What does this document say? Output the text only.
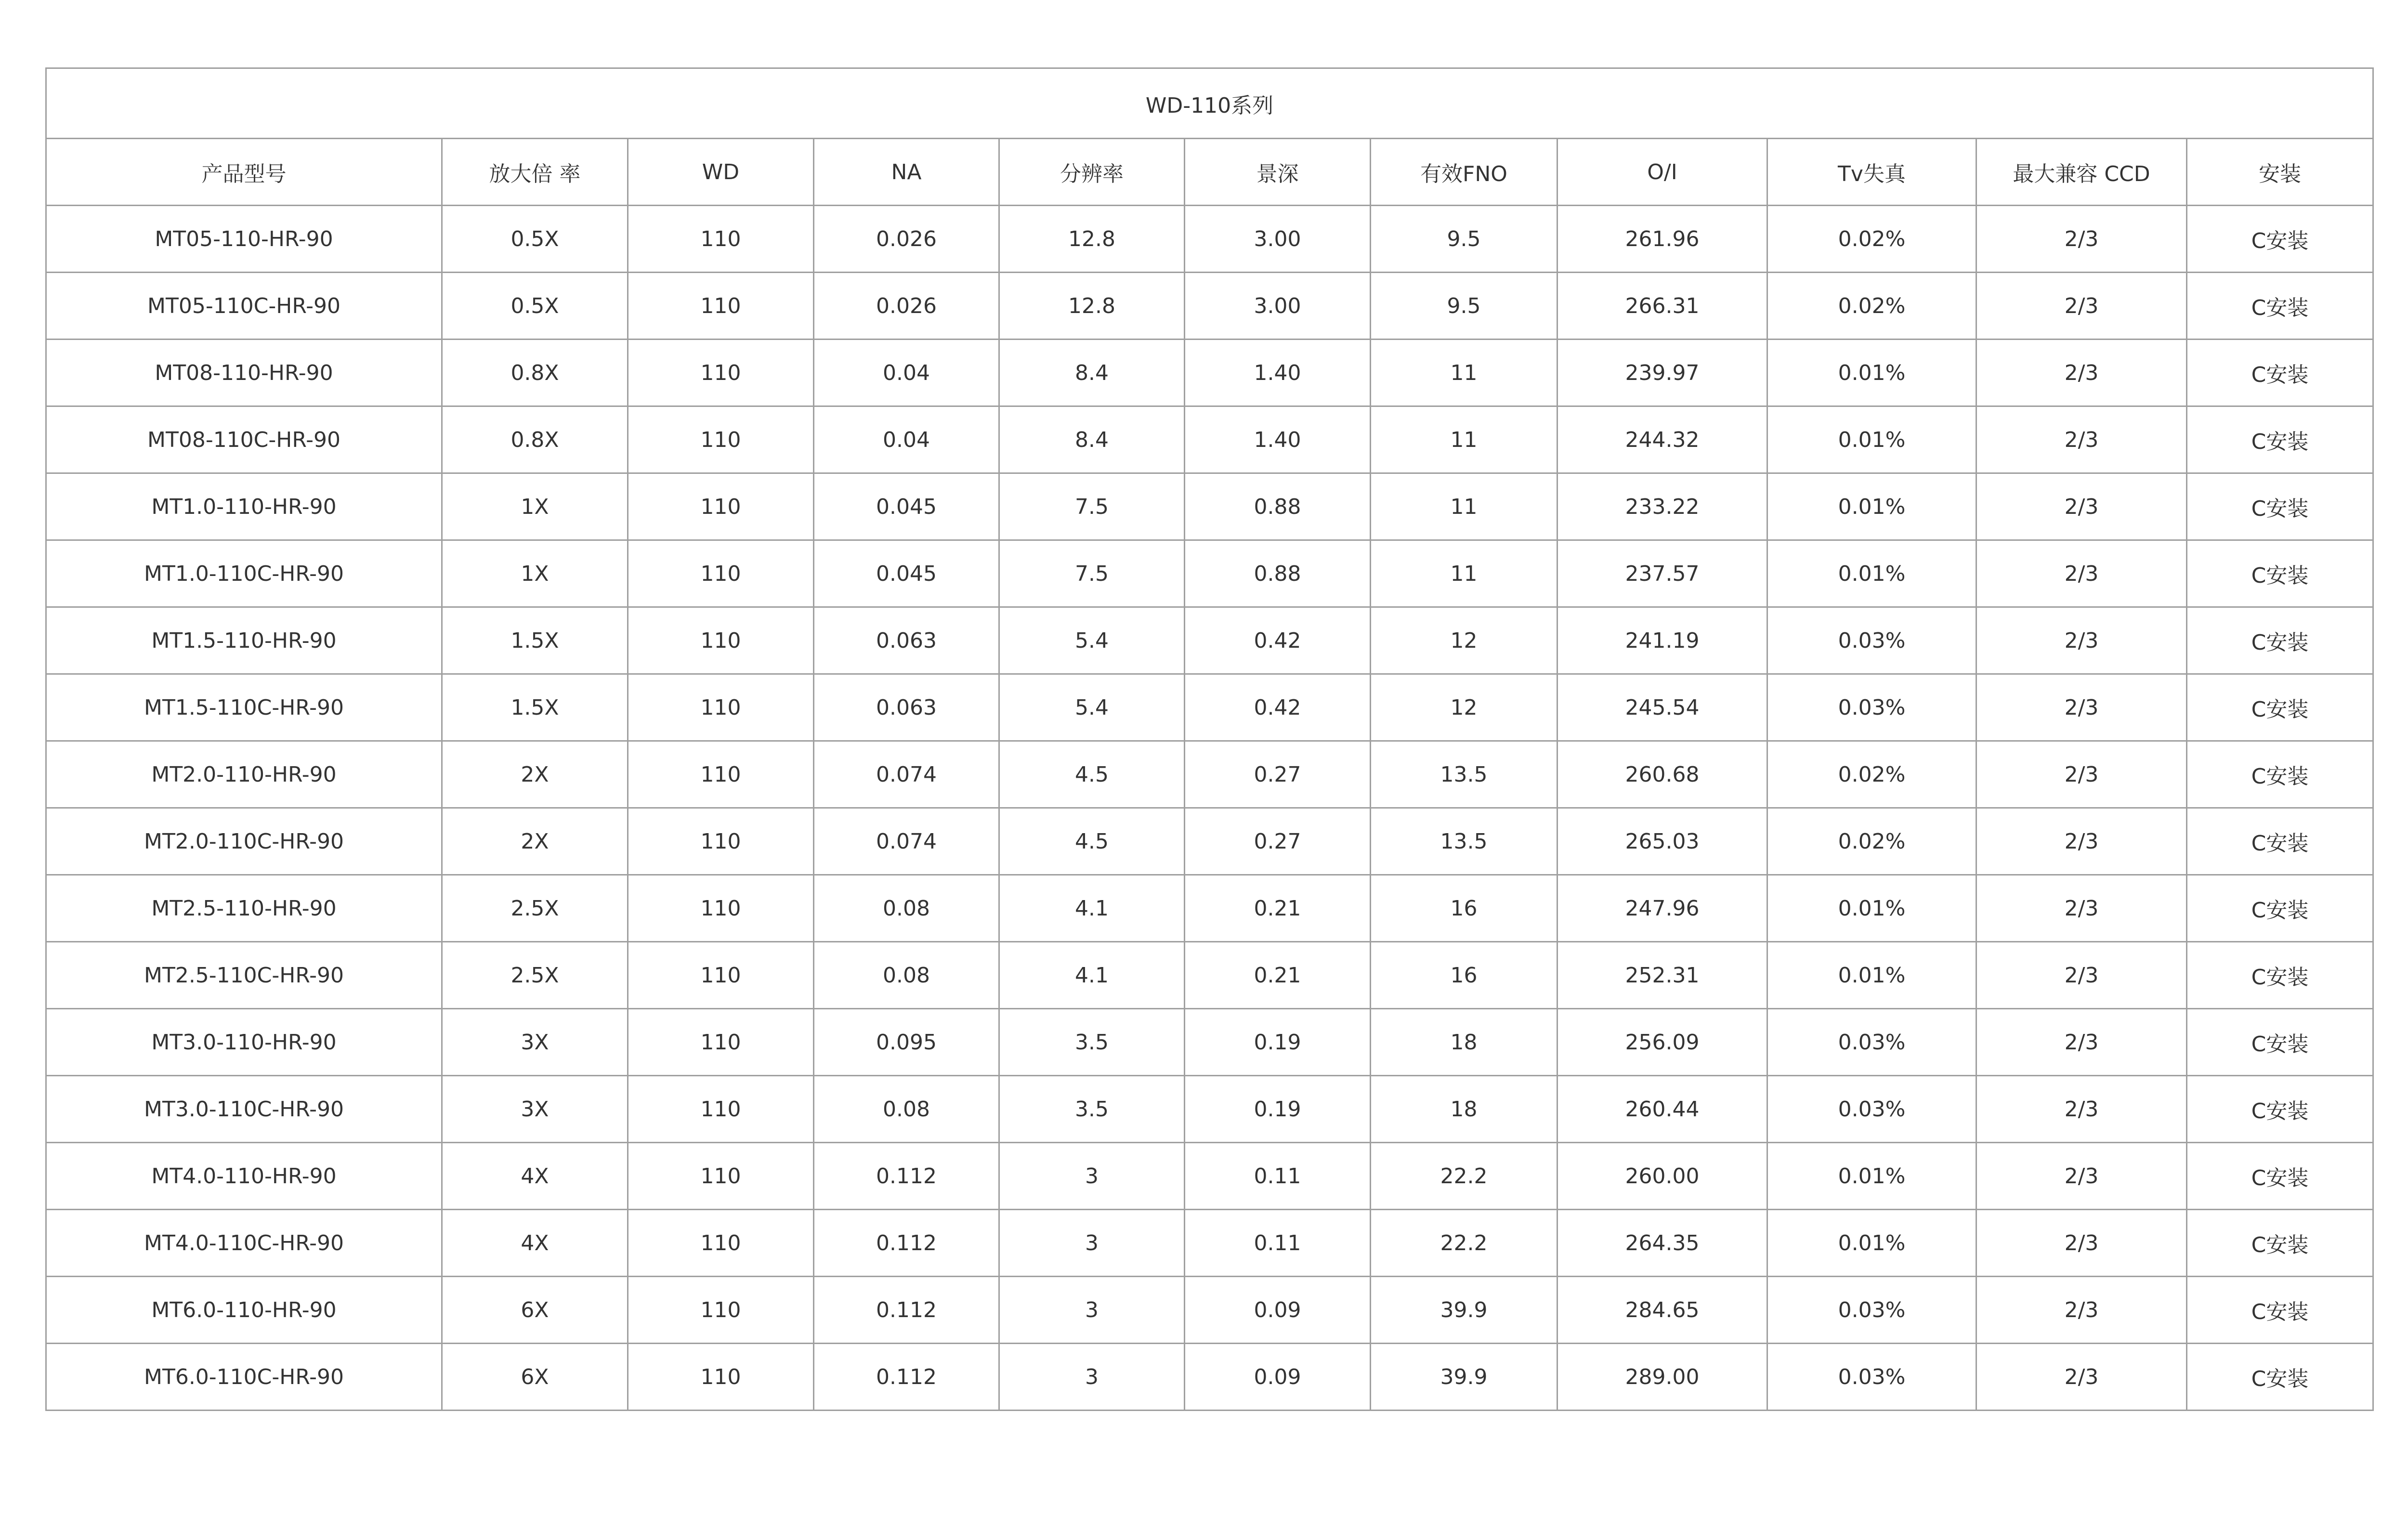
WD-110系列										
产品型号	放大倍 率	WD	NA	分辨率	景深	有效FNO	O/I	Tv失真	最大兼容 CCD	安装
MT05-110-HR-90	0.5X	110	0.026	12.8	3.00	9.5	261.96	0.02%	2/3	C安装
MT05-110C-HR-90	0.5X	110	0.026	12.8	3.00	9.5	266.31	0.02%	2/3	C安装
MT08-110-HR-90	0.8X	110	0.04	8.4	1.40	11	239.97	0.01%	2/3	C安装
MT08-110C-HR-90	0.8X	110	0.04	8.4	1.40	11	244.32	0.01%	2/3	C安装
MT1.0-110-HR-90	1X	110	0.045	7.5	0.88	11	233.22	0.01%	2/3	C安装
MT1.0-110C-HR-90	1X	110	0.045	7.5	0.88	11	237.57	0.01%	2/3	C安装
MT1.5-110-HR-90	1.5X	110	0.063	5.4	0.42	12	241.19	0.03%	2/3	C安装
MT1.5-110C-HR-90	1.5X	110	0.063	5.4	0.42	12	245.54	0.03%	2/3	C安装
MT2.0-110-HR-90	2X	110	0.074	4.5	0.27	13.5	260.68	0.02%	2/3	C安装
MT2.0-110C-HR-90	2X	110	0.074	4.5	0.27	13.5	265.03	0.02%	2/3	C安装
MT2.5-110-HR-90	2.5X	110	0.08	4.1	0.21	16	247.96	0.01%	2/3	C安装
MT2.5-110C-HR-90	2.5X	110	0.08	4.1	0.21	16	252.31	0.01%	2/3	C安装
MT3.0-110-HR-90	3X	110	0.095	3.5	0.19	18	256.09	0.03%	2/3	C安装
MT3.0-110C-HR-90	3X	110	0.08	3.5	0.19	18	260.44	0.03%	2/3	C安装
MT4.0-110-HR-90	4X	110	0.112	3	0.11	22.2	260.00	0.01%	2/3	C安装
MT4.0-110C-HR-90	4X	110	0.112	3	0.11	22.2	264.35	0.01%	2/3	C安装
MT6.0-110-HR-90	6X	110	0.112	3	0.09	39.9	284.65	0.03%	2/3	C安装
MT6.0-110C-HR-90	6X	110	0.112	3	0.09	39.9	289.00	0.03%	2/3	C安装
